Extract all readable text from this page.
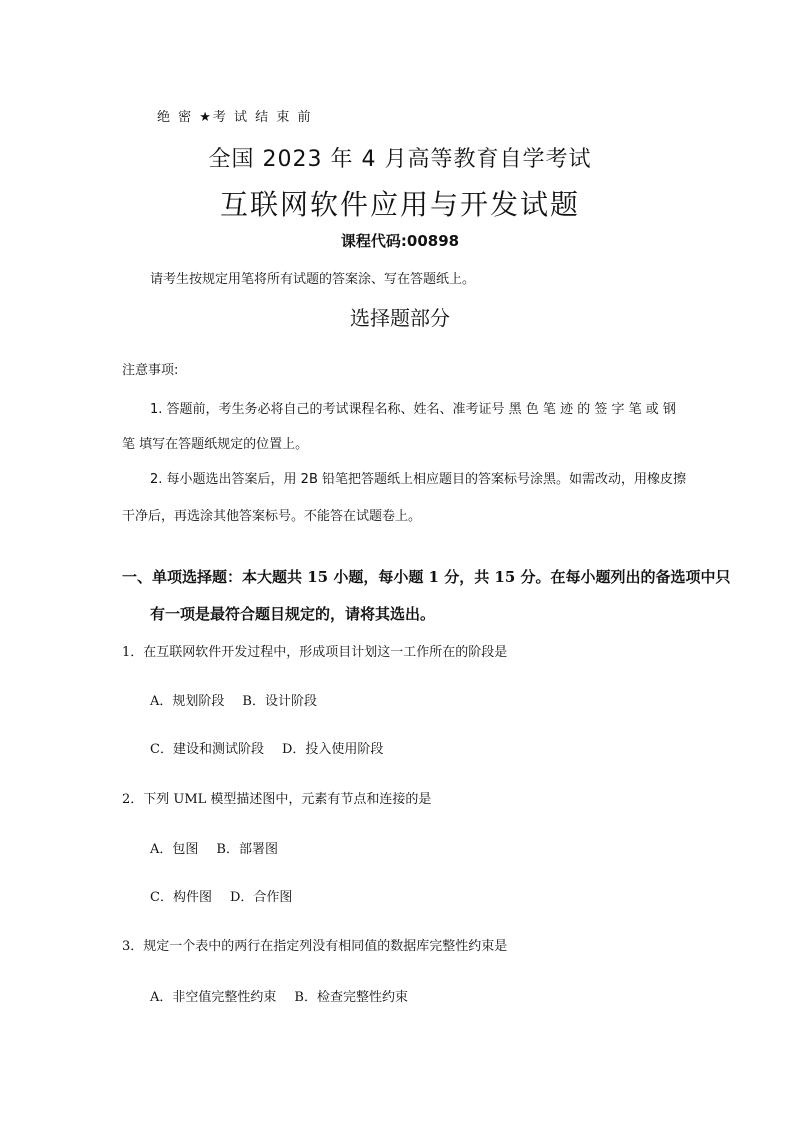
绝 密 ★考 试 结 束 前
全国 2023 年 4 月高等教育自学考试
互联网软件应用与开发试题
课程代码:00898
请考生按规定用笔将所有试题的答案涂、写在答题纸上。
选择题部分
注意事项:
1. 答题前，考生务必将自己的考试课程名称、姓名、准考证号 黑 色 笔 迹 的 签 字 笔 或 钢
笔 填写在答题纸规定的位置上。
2. 每小题选出答案后，用 2B 铅笔把答题纸上相应题目的答案标号涂黑。如需改动，用橡皮擦
干净后，再选涂其他答案标号。不能答在试题卷上。
一、单项选择题：本大题共 15 小题，每小题 1 分，共 15 分。在每小题列出的备选项中只
有一项是最符合题目规定的，请将其选出。
1．在互联网软件开发过程中，形成项目计划这一工作所在的阶段是
A．规划阶段 B．设计阶段
C．建设和测试阶段 D．投入使用阶段
2．下列 UML 模型描述图中，元素有节点和连接的是
A．包图 B．部署图
C．构件图 D．合作图
3．规定一个表中的两行在指定列没有相同值的数据库完整性约束是
A．非空值完整性约束 B．检查完整性约束
